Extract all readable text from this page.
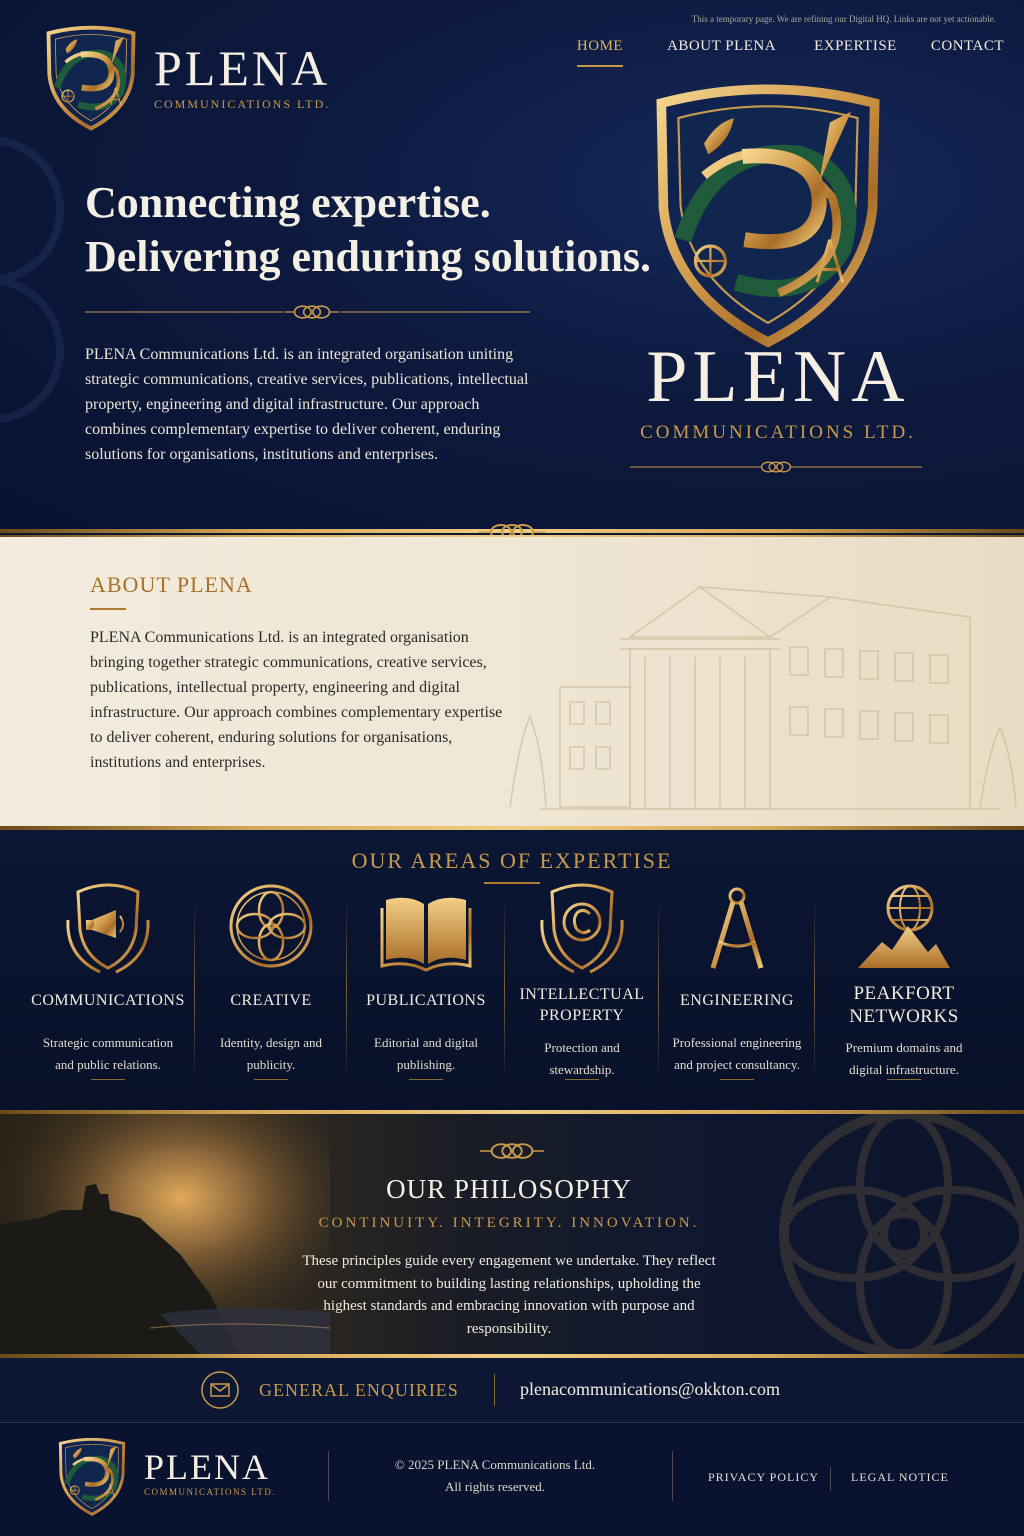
This a temporary page. We are refining our Digital HQ. Links are not yet actionable.
PLENA
COMMUNICATIONS LTD.
HOME	ABOUT PLENA	EXPERTISE CONTACT
Connecting expertise.
Delivering enduring solutions.

PLENA Communications Ltd. is an integrated organisation uniting strategic communications, creative services, publications, intellectual property, engineering and digital infrastructure. Our approach combines complementary expertise to deliver coherent, enduring solutions for organisations, institutions and enterprises.

PLENA
COMMUNICATIONS LTD.
ABOUT PLENA

PLENA Communications Ltd. is an integrated organisation bringing together strategic communications, creative services, publications, intellectual property, engineering and digital infrastructure. Our approach combines complementary expertise to deliver coherent, enduring solutions for organisations, institutions and enterprises.

OUR AREAS OF EXPERTISE
COMMUNICATIONS
Strategic communication and public relations.
CREATIVE
Identity, design and publicity.
PUBLICATIONS
Editorial and digital publishing.
INTELLECTUAL PROPERTY
Protection and stewardship.
ENGINEERING
Professional engineering and project consultancy.
PEAKFORT NETWORKS
Premium domains and digital infrastructure.
OUR PHILOSOPHY
CONTINUITY. INTEGRITY. INNOVATION.

These principles guide every engagement we undertake. They reflect our commitment to building lasting relationships, upholding the highest standards and embracing innovation with purpose and responsibility.

GENERAL ENQUIRIES	plenacommunications@okkton.com
PLENA
COMMUNICATIONS LTD.
© 2025 PLENA Communications Ltd.
All rights reserved.
PRIVACY POLICY	LEGAL NOTICE
